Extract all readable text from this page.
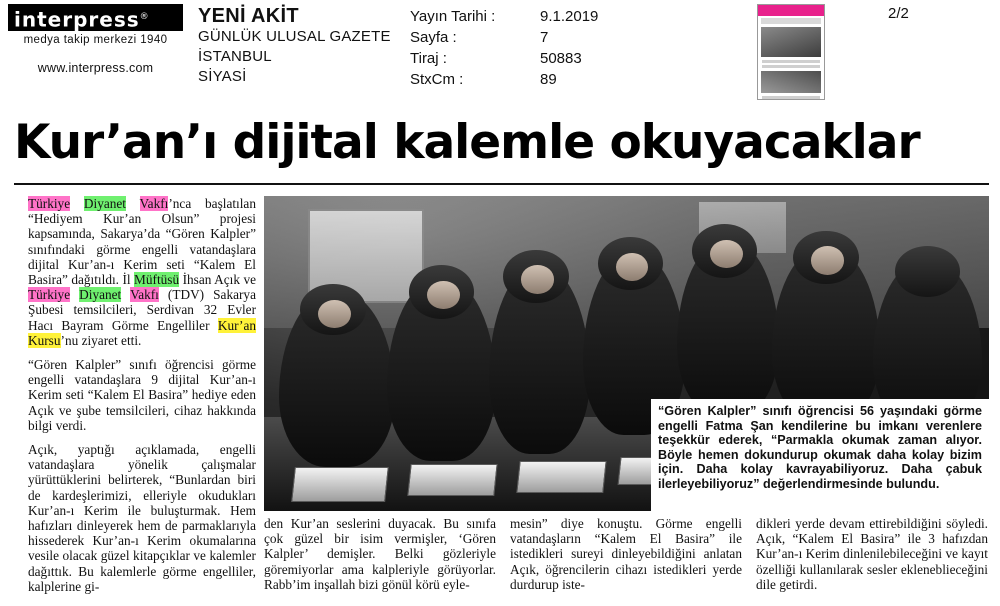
interpress®
medya takip merkezi 1940
www.interpress.com
YENİ AKİT
GÜNLÜK ULUSAL GAZETE
İSTANBUL
SİYASİ
Yayın Tarihi :	9.1.2019
Sayfa :	7
Tiraj :	50883
StxCm :	89
2/2
Kur’an’ı dijital kalemle okuyacaklar

Türkiye Diyanet Vakfı’nca başlatılan “Hediyem Kur’an Olsun” projesi kapsamında, Sakarya’da “Gören Kalpler” sınıfındaki görme engelli vatandaşlara dijital Kur’an-ı Kerim seti “Kalem El Basira” dağıtıldı. İl Müftüsü İhsan Açık ve Türkiye Diyanet Vakfı (TDV) Sakarya Şubesi temsilcileri, Serdivan 32 Evler Hacı Bayram Görme Engelliler Kur’an Kursu’nu ziyaret etti.

“Gören Kalpler” sınıfı öğrencisi görme engelli vatandaşlara 9 dijital Kur’an-ı Kerim seti “Kalem El Basira” hediye eden Açık ve şube temsilcileri, cihaz hakkında bilgi verdi.

Açık, yaptığı açıklamada, engelli vatandaşlara yönelik çalışmalar yürüttüklerini belirterek, “Bunlardan biri de kardeşlerimizi, elleriyle okudukları Kur’an-ı Kerim ile buluşturmak. Hem hafızları dinleyerek hem de parmaklarıyla hissederek Kur’an-ı Kerim okumalarına vesile olacak güzel kitapçıklar ve kalemler dağıttık. Bu kalemlerle görme engelliler, kalplerine gi-

“Gören Kalpler” sınıfı öğrencisi 56 yaşındaki görme engelli Fatma Şan kendilerine bu imkanı verenlere teşekkür ederek, “Parmakla okumak zaman alıyor. Böyle hemen dokundurup okumak daha kolay bizim için. Daha kolay kavrayabiliyoruz. Daha çabuk ilerleyebiliyoruz” değerlendirmesinde bulundu.

den Kur’an seslerini duyacak. Bu sınıfa çok güzel bir isim vermişler, ‘Gören Kalpler’ demişler. Belki gözleriyle göremiyorlar ama kalpleriyle görüyorlar. Rabb’im inşallah bizi gönül körü eyle-

mesin” diye konuştu. Görme engelli vatandaşların “Kalem El Basira” ile istedikleri sureyi dinleyebildiğini anlatan Açık, öğrencilerin cihazı istedikleri yerde durdurup iste-

dikleri yerde devam ettirebildiğini söyledi. Açık, “Kalem El Basira” ile 3 hafızdan Kur’an-ı Kerim dinlenilebileceğini ve kayıt özelliği kullanılarak sesler ekleneblieceğini dile getirdi.
